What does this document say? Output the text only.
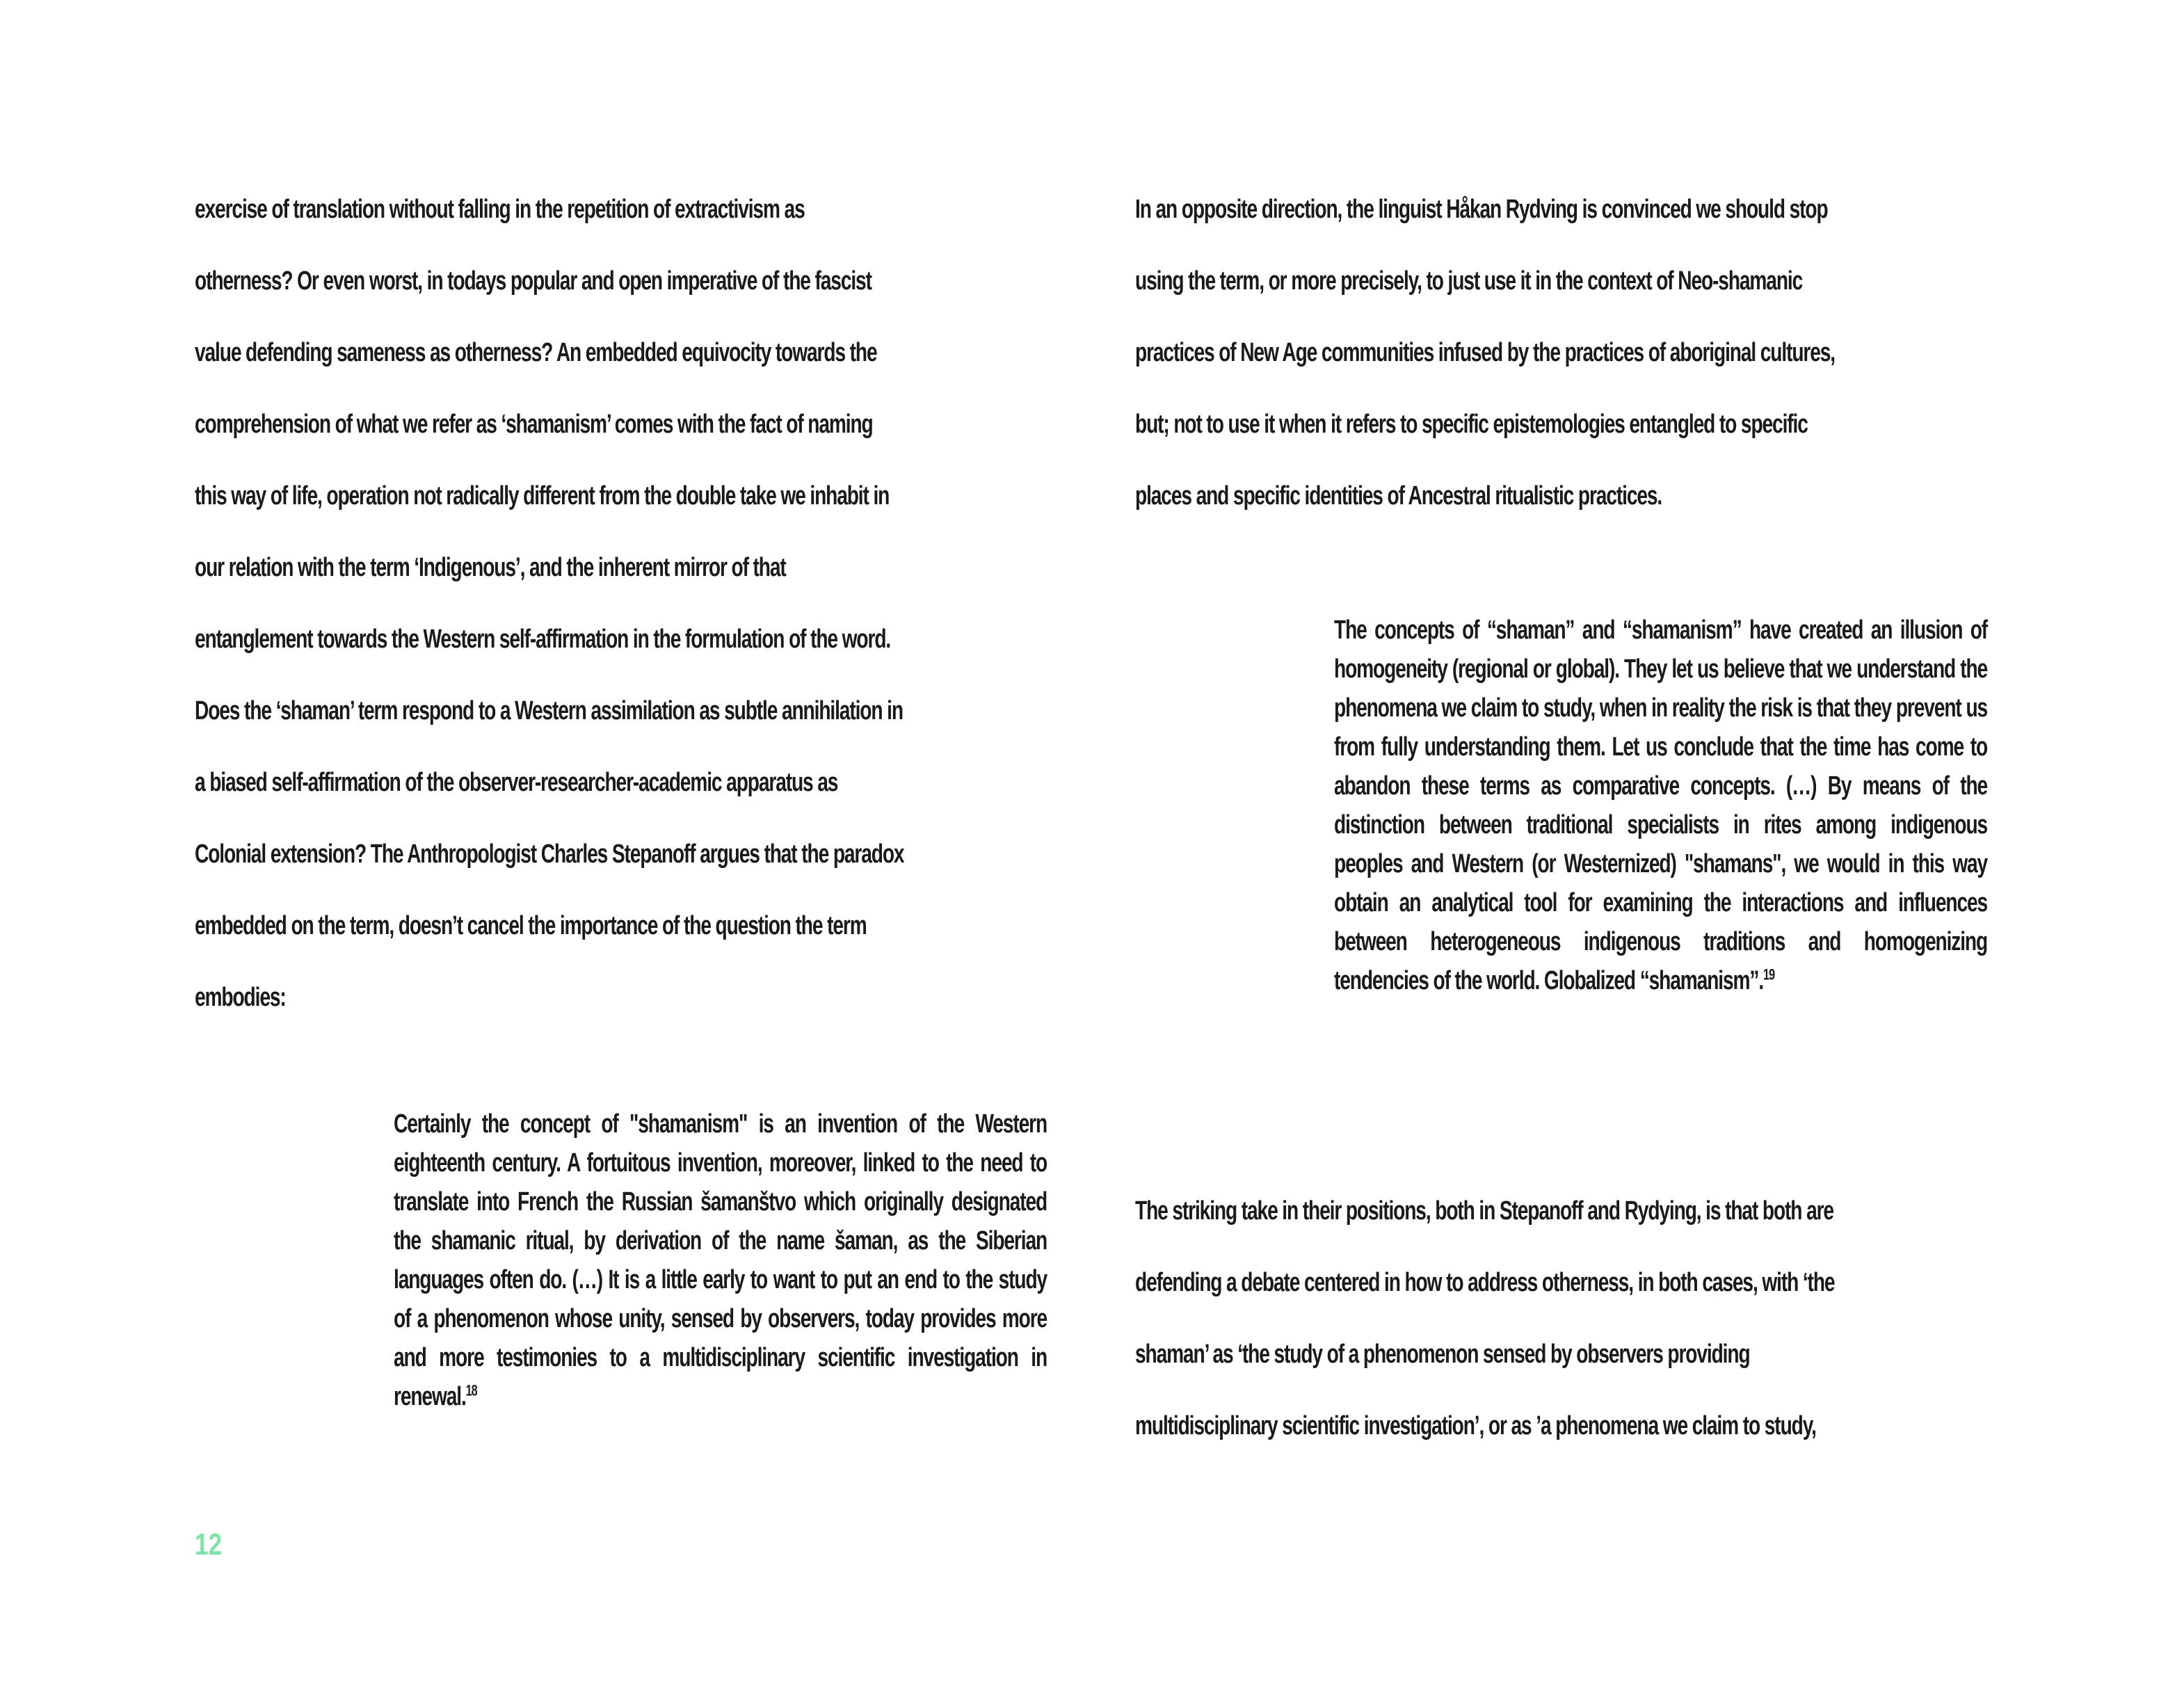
exercise of translation without falling in the repetition of extractivism as
otherness? Or even worst, in todays popular and open imperative of the fascist
value defending sameness as otherness? An embedded equivocity towards the
comprehension of what we refer as ‘shamanism’ comes with the fact of naming
this way of life, operation not radically different from the double take we inhabit in
our relation with the term ‘Indigenous’, and the inherent mirror of that
entanglement towards the Western self-affirmation in the formulation of the word.
Does the ‘shaman’ term respond to a Western assimilation as subtle annihilation in
a biased self-affirmation of the observer-researcher-academic apparatus as
Colonial extension? The Anthropologist Charles Stepanoff argues that the paradox
embedded on the term, doesn’t cancel the importance of the question the term
embodies:
Certainly the concept of "shamanism" is an invention of the Western eighteenth century. A fortuitous invention, moreover, linked to the need to translate into French the Russian šamanštvo which originally designated the shamanic ritual, by derivation of the name šaman, as the Siberian languages often do. (…) It is a little early to want to put an end to the study of a phenomenon whose unity, sensed by observers, today provides more and more testimonies to a multidisciplinary scientific investigation in renewal.$^{18}$
In an opposite direction, the linguist Håkan Rydving is convinced we should stop
using the term, or more precisely, to just use it in the context of Neo-shamanic
practices of New Age communities infused by the practices of aboriginal cultures,
but; not to use it when it refers to specific epistemologies entangled to specific
places and specific identities of Ancestral ritualistic practices.
The concepts of “shaman” and “shamanism” have created an illusion of homogeneity (regional or global). They let us believe that we understand the phenomena we claim to study, when in reality the risk is that they prevent us from fully understanding them. Let us conclude that the time has come to abandon these terms as comparative concepts. (…) By means of the distinction between traditional specialists in rites among indigenous peoples and Western (or Westernized) "shamans", we would in this way obtain an analytical tool for examining the interactions and influences between heterogeneous indigenous traditions and homogenizing tendencies of the world. Globalized “shamanism”.$^{19}$
The striking take in their positions, both in Stepanoff and Rydying, is that both are
defending a debate centered in how to address otherness, in both cases, with ‘the
shaman’ as ‘the study of a phenomenon sensed by observers providing
multidisciplinary scientific investigation’, or as ’a phenomena we claim to study,
12
